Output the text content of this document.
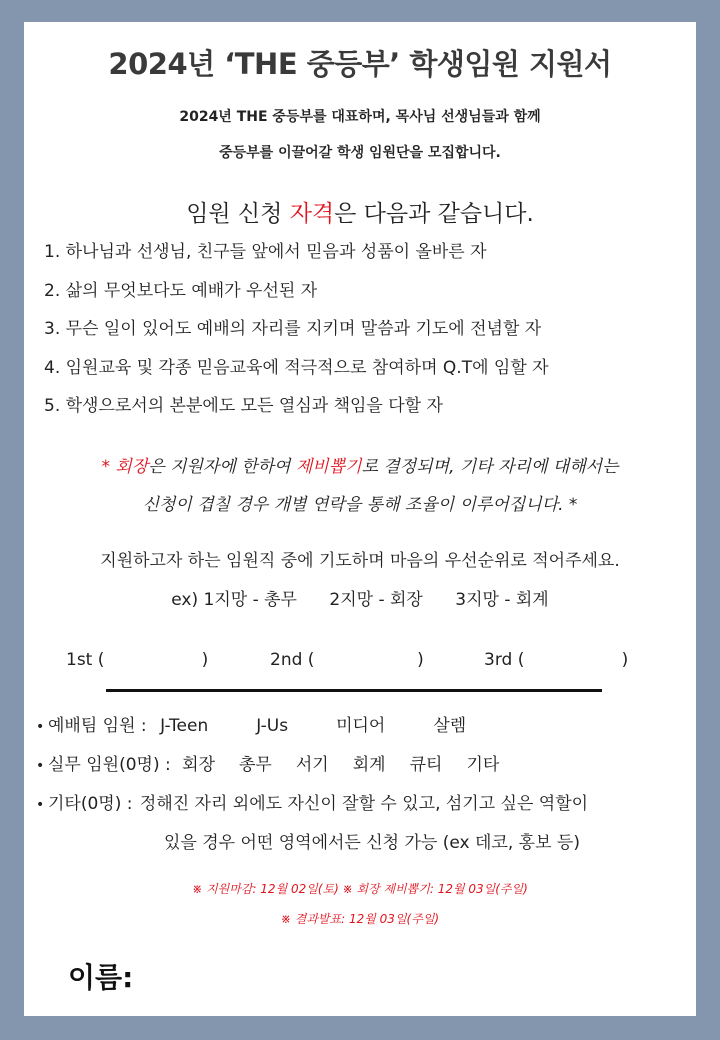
2024년 ‘THE 중등부’ 학생임원 지원서
2024년 THE 중등부를 대표하며, 목사님 선생님들과 함께
중등부를 이끌어갈 학생 임원단을 모집합니다.
임원 신청 자격은 다음과 같습니다.
1. 하나님과 선생님, 친구들 앞에서 믿음과 성품이 올바른 자
2. 삶의 무엇보다도 예배가 우선된 자
3. 무슨 일이 있어도 예배의 자리를 지키며 말씀과 기도에 전념할 자
4. 임원교육 및 각종 믿음교육에 적극적으로 참여하며 Q.T에 임할 자
5. 학생으로서의 본분에도 모든 열심과 책임을 다할 자
* 회장은 지원자에 한하여 제비뽑기로 결정되며, 기타 자리에 대해서는
신청이 겹칠 경우 개별 연락을 통해 조율이 이루어집니다. *
지원하고자 하는 임원직 중에 기도하며 마음의 우선순위로 적어주세요.
ex) 1지망 - 총무      2지망 - 회장      3지망 - 회계
1st (                  )	2nd (                   )	3rd (                  )
• 예배팀 임원 : J-Teen	J-Us	미디어	살렘
• 실무 임원(0명) : 회장 총무 서기 회계 큐티 기타
• 기타(0명) : 정해진 자리 외에도 자신이 잘할 수 있고, 섬기고 싶은 역할이
있을 경우 어떤 영역에서든 신청 가능 (ex 데코, 홍보 등)
※ 지원마감: 12월 02일(토) ※ 회장 제비뽑기: 12월 03일(주일)
※ 결과발표: 12월 03일(주일)
이름:
